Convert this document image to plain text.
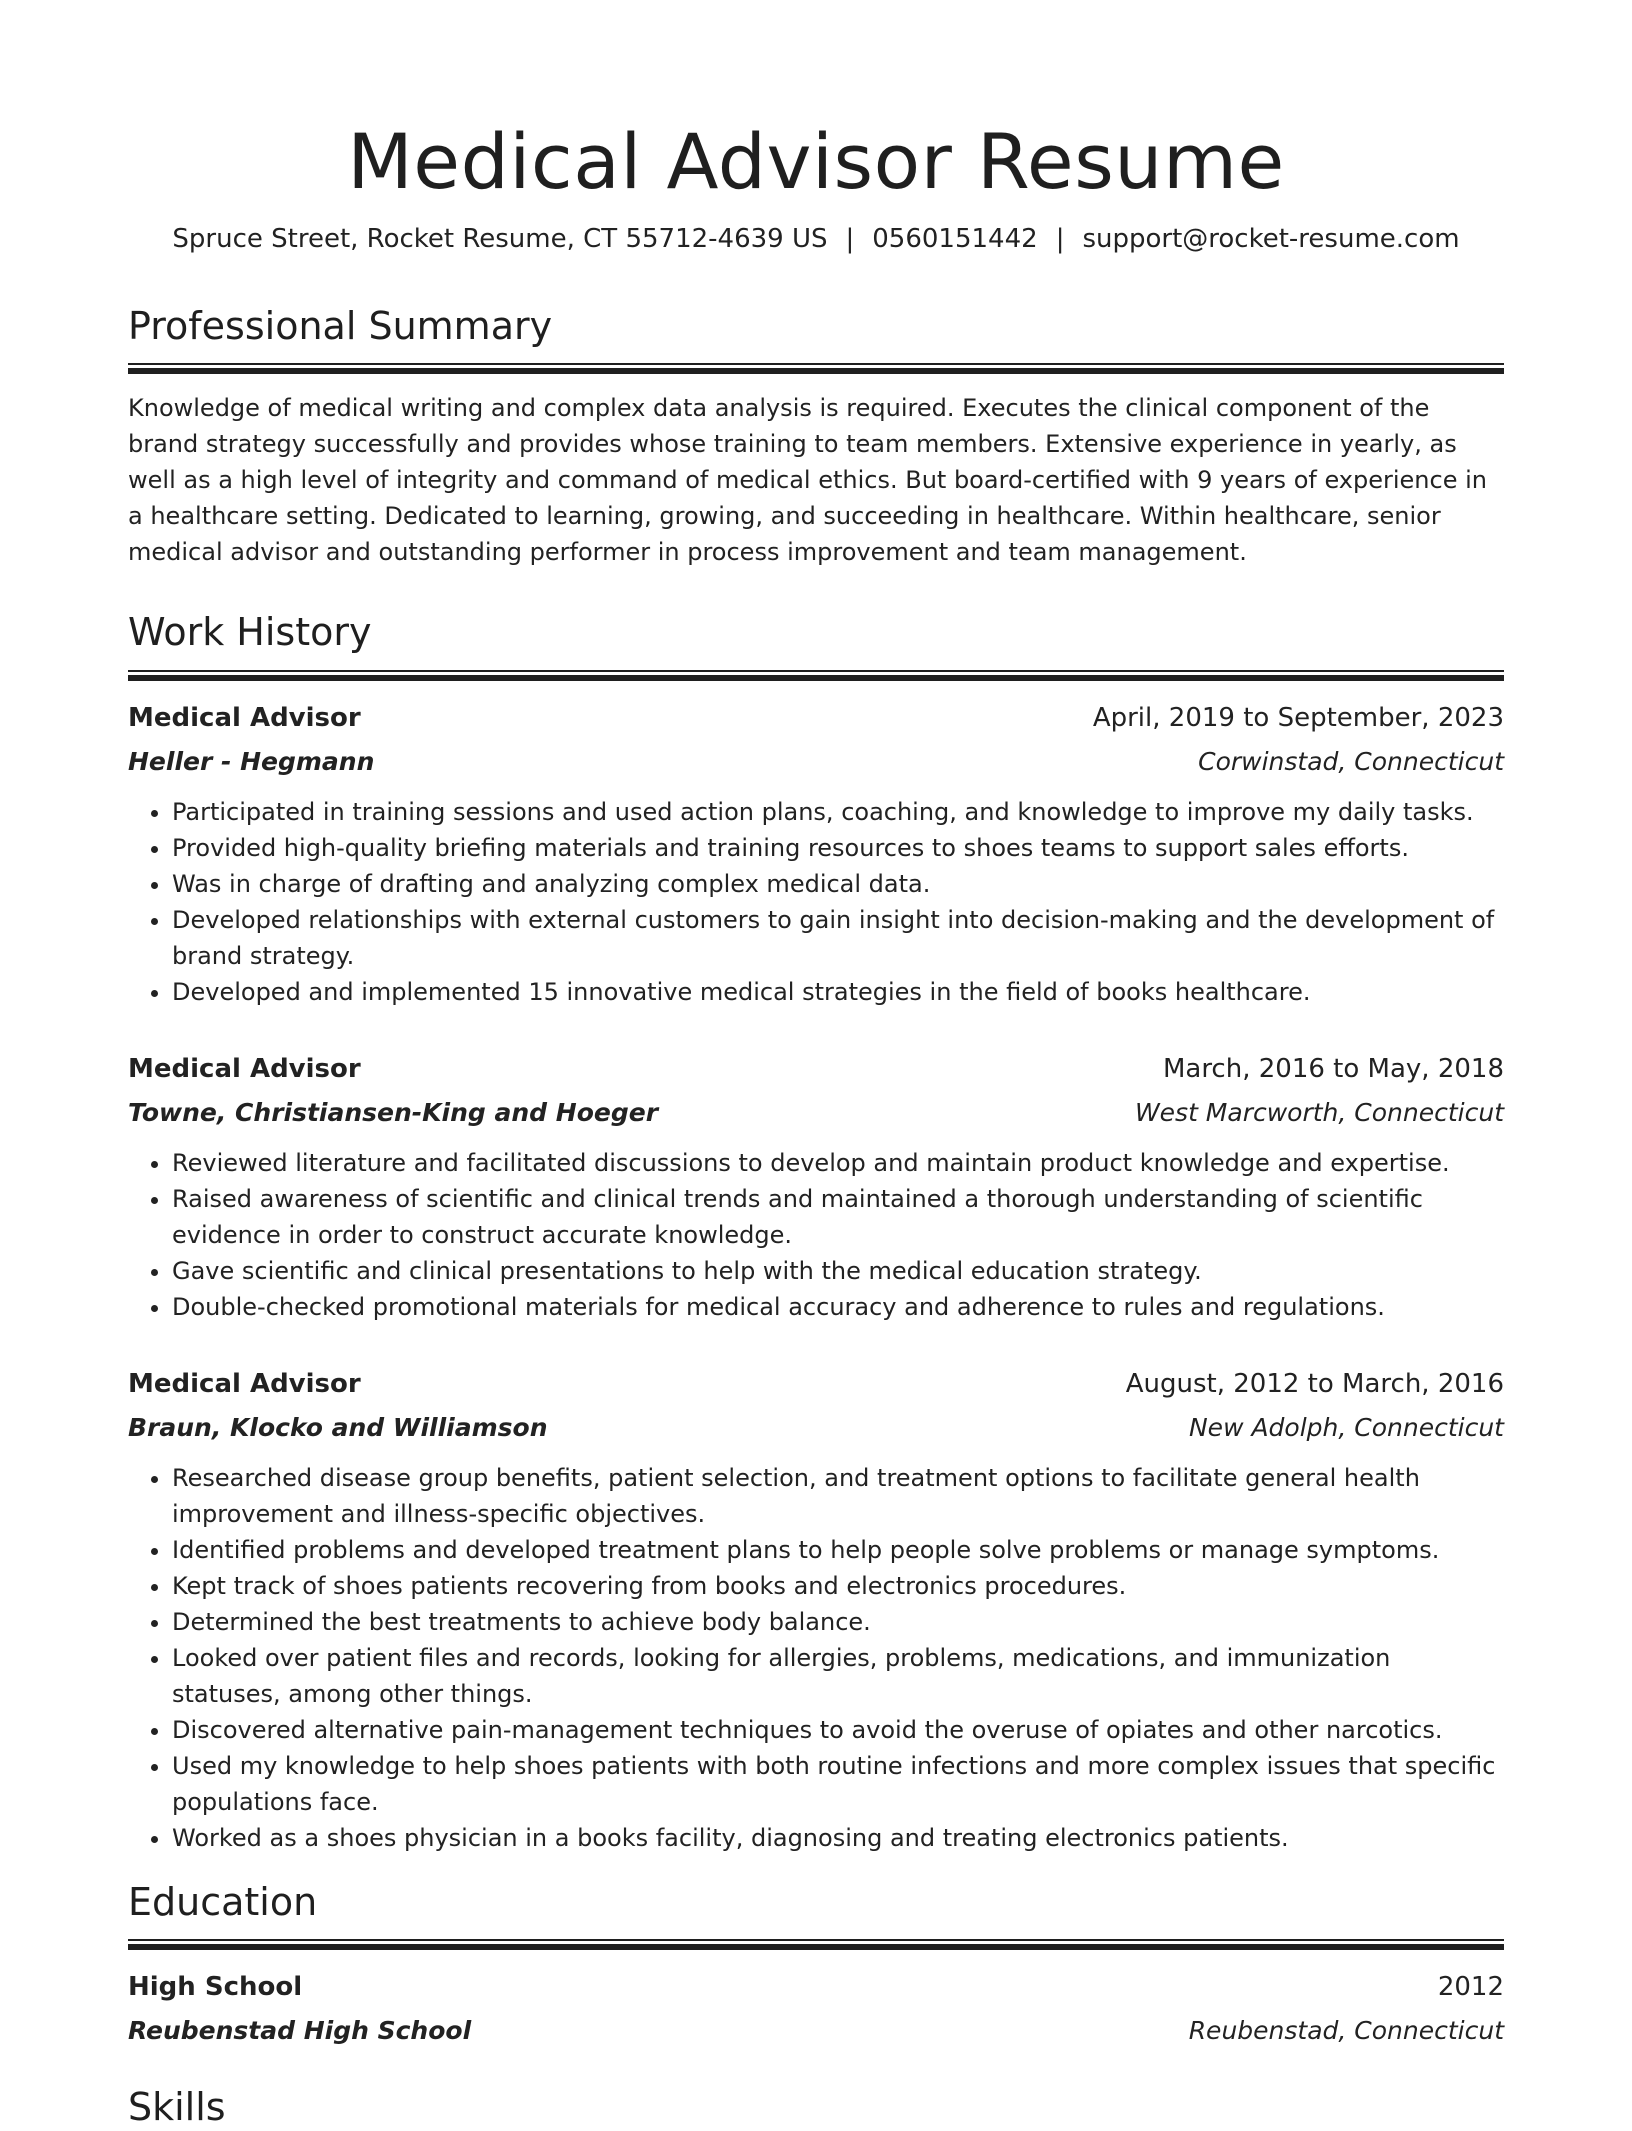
Medical Advisor Resume
Spruce Street, Rocket Resume, CT 55712-4639 US | 0560151442 | support@rocket-resume.com
Professional Summary

Knowledge of medical writing and complex data analysis is required. Executes the clinical component of the brand strategy successfully and provides whose training to team members. Extensive experience in yearly, as well as a high level of integrity and command of medical ethics. But board-certified with 9 years of experience in a healthcare setting. Dedicated to learning, growing, and succeeding in healthcare. Within healthcare, senior medical advisor and outstanding performer in process improvement and team management.

Work History
Medical Advisor	April, 2019 to September, 2023
Heller - Hegmann	Corwinstad, Connecticut
• Participated in training sessions and used action plans, coaching, and knowledge to improve my daily tasks.
• Provided high-quality briefing materials and training resources to shoes teams to support sales efforts.
• Was in charge of drafting and analyzing complex medical data.
• Developed relationships with external customers to gain insight into decision-making and the development of brand strategy.
• Developed and implemented 15 innovative medical strategies in the field of books healthcare.
Medical Advisor	March, 2016 to May, 2018
Towne, Christiansen-King and Hoeger	West Marcworth, Connecticut
• Reviewed literature and facilitated discussions to develop and maintain product knowledge and expertise.
• Raised awareness of scientific and clinical trends and maintained a thorough understanding of scientific evidence in order to construct accurate knowledge.
• Gave scientific and clinical presentations to help with the medical education strategy.
• Double-checked promotional materials for medical accuracy and adherence to rules and regulations.
Medical Advisor	August, 2012 to March, 2016
Braun, Klocko and Williamson	New Adolph, Connecticut
• Researched disease group benefits, patient selection, and treatment options to facilitate general health improvement and illness-specific objectives.
• Identified problems and developed treatment plans to help people solve problems or manage symptoms.
• Kept track of shoes patients recovering from books and electronics procedures.
• Determined the best treatments to achieve body balance.
• Looked over patient files and records, looking for allergies, problems, medications, and immunization statuses, among other things.
• Discovered alternative pain-management techniques to avoid the overuse of opiates and other narcotics.
• Used my knowledge to help shoes patients with both routine infections and more complex issues that specific populations face.
• Worked as a shoes physician in a books facility, diagnosing and treating electronics patients.
Education
High School	2012
Reubenstad High School	Reubenstad, Connecticut
Skills
